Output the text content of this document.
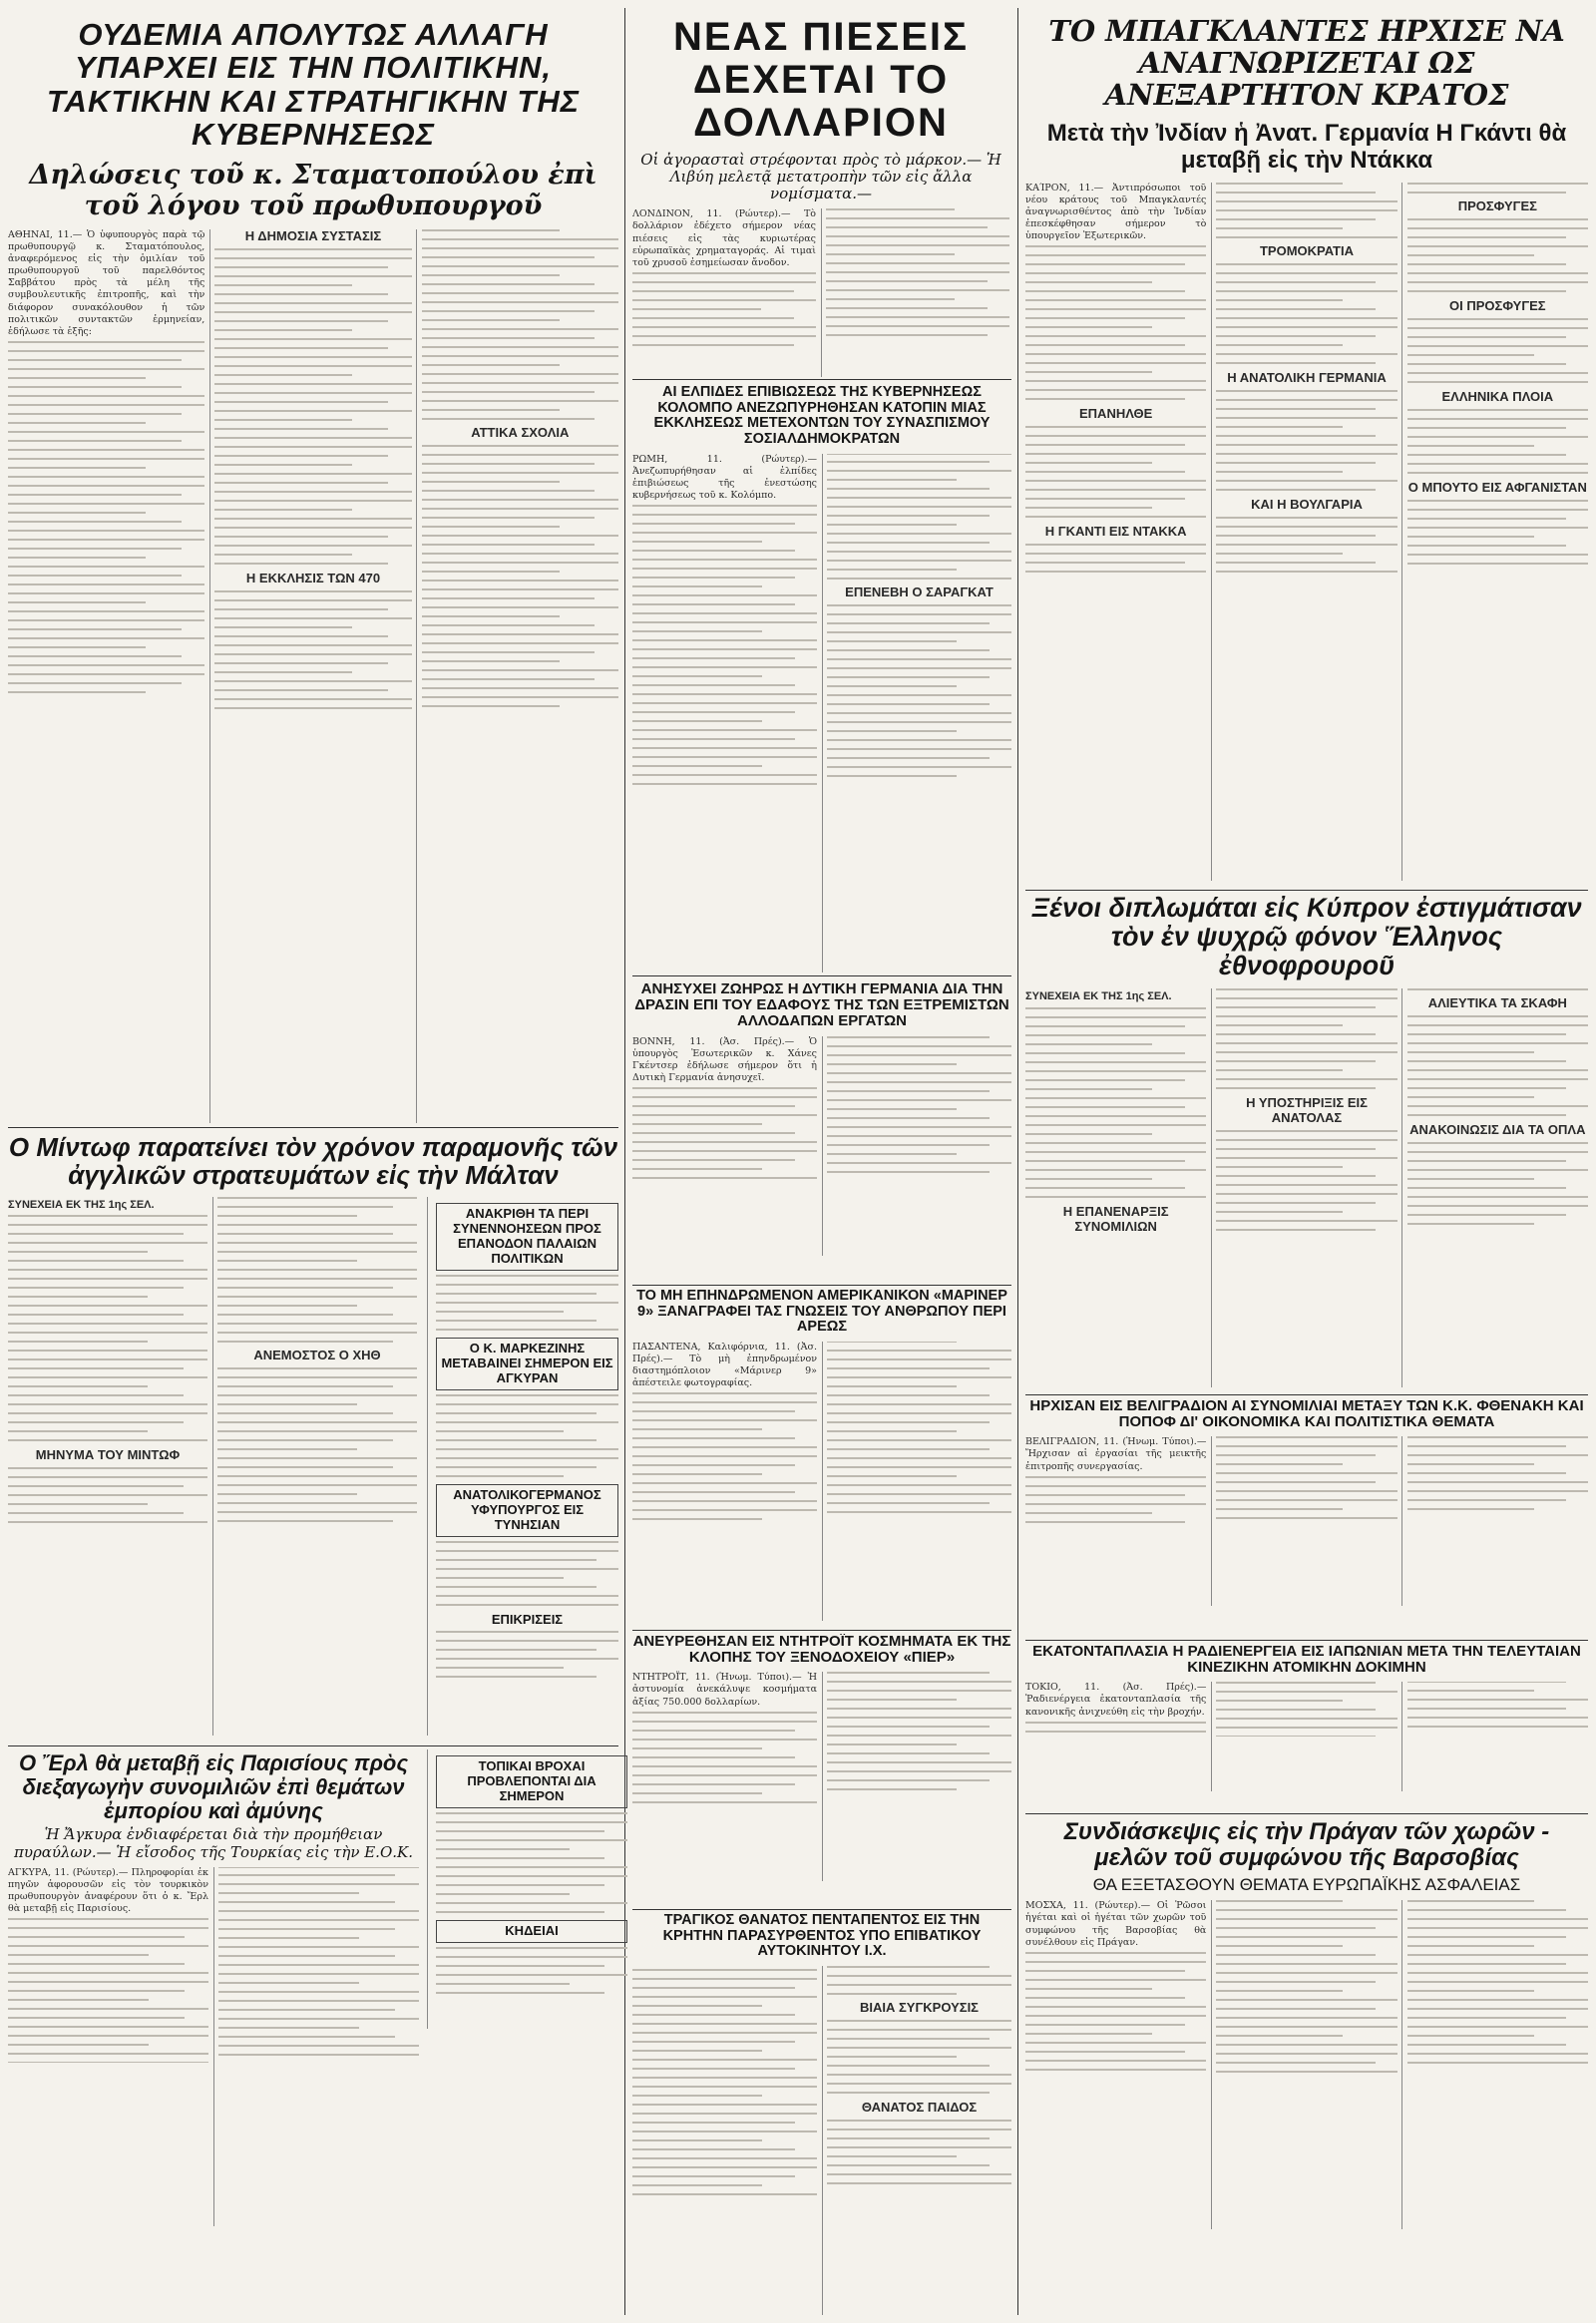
ΟΥΔΕΜΙΑ ΑΠΟΛΥΤΩΣ ΑΛΛΑΓΗ ΥΠΑΡΧΕΙ ΕΙΣ ΤΗΝ ΠΟΛΙΤΙΚΗΝ, ΤΑΚΤΙΚΗΝ ΚΑΙ ΣΤΡΑΤΗΓΙΚΗΝ ΤΗΣ ΚΥΒΕΡΝΗΣΕΩΣ
Δηλώσεις τοῦ κ. Σταματοπούλου ἐπὶ τοῦ λόγου τοῦ πρωθυπουργοῦ

ΑΘΗΝΑΙ, 11.— Ὁ ὑφυπουργὸς παρὰ τῷ πρωθυπουργῷ κ. Σταματόπουλος, ἀναφερόμενος εἰς τὴν ὁμιλίαν τοῦ πρωθυπουργοῦ τοῦ παρελθόντος Σαββάτου πρὸς τὰ μέλη τῆς συμβουλευτικῆς ἐπιτροπῆς, καὶ τὴν διάφορον συνακόλουθον ἡ τῶν πολιτικῶν συντακτῶν ἐρμηνείαν, ἐδήλωσε τὰ ἑξῆς:

Η ΔΗΜΟΣΙΑ ΣΥΣΤΑΣΙΣ
Η ΕΚΚΛΗΣΙΣ ΤΩΝ 470
ΑΤΤΙΚΑ ΣΧΟΛΙΑ
ΝΕΑΣ ΠΙΕΣΕΙΣ ΔΕΧΕΤΑΙ ΤΟ ΔΟΛΛΑΡΙΟΝ
Οἱ ἀγορασταὶ στρέφονται πρὸς τὸ μάρκον.— Ἡ Λιβύη μελετᾷ μετατροπὴν τῶν εἰς ἄλλα νομίσματα.—

ΛΟΝΔΙΝΟΝ, 11. (Ρώυτερ).— Τὸ δολλάριον ἐδέχετο σήμερον νέας πιέσεις εἰς τὰς κυριωτέρας εὐρωπαϊκὰς χρηματαγοράς. Αἱ τιμαὶ τοῦ χρυσοῦ ἐσημείωσαν ἄνοδον.

ΑΙ ΕΛΠΙΔΕΣ ΕΠΙΒΙΩΣΕΩΣ ΤΗΣ ΚΥΒΕΡΝΗΣΕΩΣ ΚΟΛΟΜΠΟ ΑΝΕΖΩΠΥΡΗΘΗΣΑΝ ΚΑΤΟΠΙΝ ΜΙΑΣ ΕΚΚΛΗΣΕΩΣ ΜΕΤΕΧΟΝΤΩΝ ΤΟΥ ΣΥΝΑΣΠΙΣΜΟΥ ΣΟΣΙΑΛΔΗΜΟΚΡΑΤΩΝ

ΡΩΜΗ, 11. (Ρώυτερ).— Ἀνεζωπυρήθησαν αἱ ἐλπίδες ἐπιβιώσεως τῆς ἐνεστώσης κυβερνήσεως τοῦ κ. Κολόμπο.

ΕΠΕΝΕΒΗ Ο ΣΑΡΑΓΚΑΤ
ΑΝΗΣΥΧΕΙ ΖΩΗΡΩΣ Η ΔΥΤΙΚΗ ΓΕΡΜΑΝΙΑ ΔΙΑ ΤΗΝ ΔΡΑΣΙΝ ΕΠΙ ΤΟΥ ΕΔΑΦΟΥΣ ΤΗΣ ΤΩΝ ΕΞΤΡΕΜΙΣΤΩΝ ΑΛΛΟΔΑΠΩΝ ΕΡΓΑΤΩΝ

ΒΟΝΝΗ, 11. (Ἀσ. Πρές).— Ὁ ὑπουργὸς Ἐσωτερικῶν κ. Χάνες Γκέντσερ ἐδήλωσε σήμερον ὅτι ἡ Δυτικὴ Γερμανία ἀνησυχεῖ.

ΤΟ ΜΗ ΕΠΗΝΔΡΩΜΕΝΟΝ ΑΜΕΡΙΚΑΝΙΚΟΝ «ΜΑΡΙΝΕΡ 9» ΞΑΝΑΓΡΑΦΕΙ ΤΑΣ ΓΝΩΣΕΙΣ ΤΟΥ ΑΝΘΡΩΠΟΥ ΠΕΡΙ ΑΡΕΩΣ

ΠΑΣΑΝΤΕΝΑ, Καλιφόρνια, 11. (Ἀσ. Πρές).— Τὸ μὴ ἐπηνδρωμένον διαστημόπλοιον «Μάρινερ 9» ἀπέστειλε φωτογραφίας.

ΑΝΕΥΡΕΘΗΣΑΝ ΕΙΣ ΝΤΗΤΡΟΪΤ ΚΟΣΜΗΜΑΤΑ ΕΚ ΤΗΣ ΚΛΟΠΗΣ ΤΟΥ ΞΕΝΟΔΟΧΕΙΟΥ «ΠΙΕΡ»

ΝΤΗΤΡΟΪΤ, 11. (Ἡνωμ. Τύποι).— Ἡ ἀστυνομία ἀνεκάλυψε κοσμήματα ἀξίας 750.000 δολλαρίων.

ΤΡΑΓΙΚΟΣ ΘΑΝΑΤΟΣ ΠΕΝΤΑΠΕΝΤΟΣ ΕΙΣ ΤΗΝ ΚΡΗΤΗΝ ΠΑΡΑΣΥΡΘΕΝΤΟΣ ΥΠΟ ΕΠΙΒΑΤΙΚΟΥ ΑΥΤΟΚΙΝΗΤΟΥ Ι.Χ.
ΒΙΑΙΑ ΣΥΓΚΡΟΥΣΙΣ
ΘΑΝΑΤΟΣ ΠΑΙΔΟΣ
ΤΟ ΜΠΑΓΚΛΑΝΤΕΣ ΗΡΧΙΣΕ ΝΑ ΑΝΑΓΝΩΡΙΖΕΤΑΙ ΩΣ ΑΝΕΞΑΡΤΗΤΟΝ ΚΡΑΤΟΣ
Μετὰ τὴν Ἰνδίαν ἡ Ἀνατ. Γερμανία Η Γκάντι θὰ μεταβῇ εἰς τὴν Ντάκκα

ΚΑΊΡΟΝ, 11.— Ἀντιπρόσωποι τοῦ νέου κράτους τοῦ Μπαγκλαντές ἀναγνωρισθέντος ἀπὸ τὴν Ἰνδίαν ἐπεσκέφθησαν σήμερον τὸ ὑπουργεῖον Ἐξωτερικῶν.

ΕΠΑΝΗΛΘΕ
Η ΓΚΑΝΤΙ ΕΙΣ ΝΤΑΚΚΑ
ΤΡΟΜΟΚΡΑΤΙΑ
Η ΑΝΑΤΟΛΙΚΗ ΓΕΡΜΑΝΙΑ
ΚΑΙ Η ΒΟΥΛΓΑΡΙΑ
ΠΡΟΣΦΥΓΕΣ
ΟΙ ΠΡΟΣΦΥΓΕΣ
ΕΛΛΗΝΙΚΑ ΠΛΟΙΑ
Ο ΜΠΟΥΤΟ ΕΙΣ ΑΦΓΑΝΙΣΤΑΝ
Ξένοι διπλωμάται εἰς Κύπρον ἐστιγμάτισαν τὸν ἐν ψυχρῷ φόνον Ἕλληνος ἐθνοφρουροῦ
ΣΥΝΕΧΕΙΑ ΕΚ ΤΗΣ 1ης ΣΕΛ.
Η ΕΠΑΝΕΝΑΡΞΙΣ ΣΥΝΟΜΙΛΙΩΝ
Η ΥΠΟΣΤΗΡΙΞΙΣ ΕΙΣ ΑΝΑΤΟΛΑΣ
ΑΛΙΕΥΤΙΚΑ ΤΑ ΣΚΑΦΗ
ΑΝΑΚΟΙΝΩΣΙΣ ΔΙΑ ΤΑ ΟΠΛΑ
ΗΡΧΙΣΑΝ ΕΙΣ ΒΕΛΙΓΡΑΔΙΟΝ ΑΙ ΣΥΝΟΜΙΛΙΑΙ ΜΕΤΑΞΥ ΤΩΝ Κ.Κ. ΦΘΕΝΑΚΗ ΚΑΙ ΠΟΠΟΦ ΔΙ' ΟΙΚΟΝΟΜΙΚΑ ΚΑΙ ΠΟΛΙΤΙΣΤΙΚΑ ΘΕΜΑΤΑ

ΒΕΛΙΓΡΑΔΙΟΝ, 11. (Ἡνωμ. Τύποι).— Ἤρχισαν αἱ ἐργασίαι τῆς μεικτῆς ἐπιτροπῆς συνεργασίας.

ΕΚΑΤΟΝΤΑΠΛΑΣΙΑ Η ΡΑΔΙΕΝΕΡΓΕΙΑ ΕΙΣ ΙΑΠΩΝΙΑΝ ΜΕΤΑ ΤΗΝ ΤΕΛΕΥΤΑΙΑΝ ΚΙΝΕΖΙΚΗΝ ΑΤΟΜΙΚΗΝ ΔΟΚΙΜΗΝ

ΤΟΚΙΟ, 11. (Ἀσ. Πρές).— Ῥαδιενέργεια ἑκατονταπλασία τῆς κανονικῆς ἀνιχνεύθη εἰς τὴν βροχήν.

Συνδιάσκεψις εἰς τὴν Πράγαν τῶν χωρῶν - μελῶν τοῦ συμφώνου τῆς Βαρσοβίας
ΘΑ ΕΞΕΤΑΣΘΟΥΝ ΘΕΜΑΤΑ ΕΥΡΩΠΑΪΚΗΣ ΑΣΦΑΛΕΙΑΣ

ΜΟΣΧΑ, 11. (Ρώυτερ).— Οἱ Ῥῶσοι ἡγέται καὶ οἱ ἡγέται τῶν χωρῶν τοῦ συμφώνου τῆς Βαρσοβίας θὰ συνέλθουν εἰς Πράγαν.

Ο Μίντωφ παρατείνει τὸν χρόνον παραμονῆς τῶν ἀγγλικῶν στρατευμάτων εἰς τὴν Μάλταν
ΣΥΝΕΧΕΙΑ ΕΚ ΤΗΣ 1ης ΣΕΛ.
ΜΗΝΥΜΑ ΤΟΥ ΜΙΝΤΩΦ
ΑΝΕΜΟΣΤΟΣ Ο ΧΗΘ
ΑΝΑΚΡΙΘΗ ΤΑ ΠΕΡΙ ΣΥΝΕΝΝΟΗΣΕΩΝ ΠΡΟΣ ΕΠΑΝΟΔΟΝ ΠΑΛΑΙΩΝ ΠΟΛΙΤΙΚΩΝ
Ο Κ. ΜΑΡΚΕΖΙΝΗΣ ΜΕΤΑΒΑΙΝΕΙ ΣΗΜΕΡΟΝ ΕΙΣ ΑΓΚΥΡΑΝ
ΑΝΑΤΟΛΙΚΟΓΕΡΜΑΝΟΣ ΥΦΥΠΟΥΡΓΟΣ ΕΙΣ ΤΥΝΗΣΙΑΝ
ΕΠΙΚΡΙΣΕΙΣ
ΤΟΠΙΚΑΙ ΒΡΟΧΑΙ ΠΡΟΒΛΕΠΟΝΤΑΙ ΔΙΑ ΣΗΜΕΡΟΝ
ΚΗΔΕΙΑΙ
Ο Ἔρλ θὰ μεταβῇ εἰς Παρισίους πρὸς διεξαγωγὴν συνομιλιῶν ἐπὶ θεμάτων ἐμπορίου καὶ ἀμύνης
Ἡ Ἄγκυρα ἐνδιαφέρεται διὰ τὴν προμήθειαν πυραύλων.— Ἡ εἴσοδος τῆς Τουρκίας εἰς τὴν Ε.Ο.Κ.

ΑΓΚΥΡΑ, 11. (Ρώυτερ).— Πληροφορίαι ἐκ πηγῶν ἀφορουσῶν εἰς τὸν τουρκικὸν πρωθυπουργὸν ἀναφέρουν ὅτι ὁ κ. Ἔρλ θὰ μεταβῇ εἰς Παρισίους.
